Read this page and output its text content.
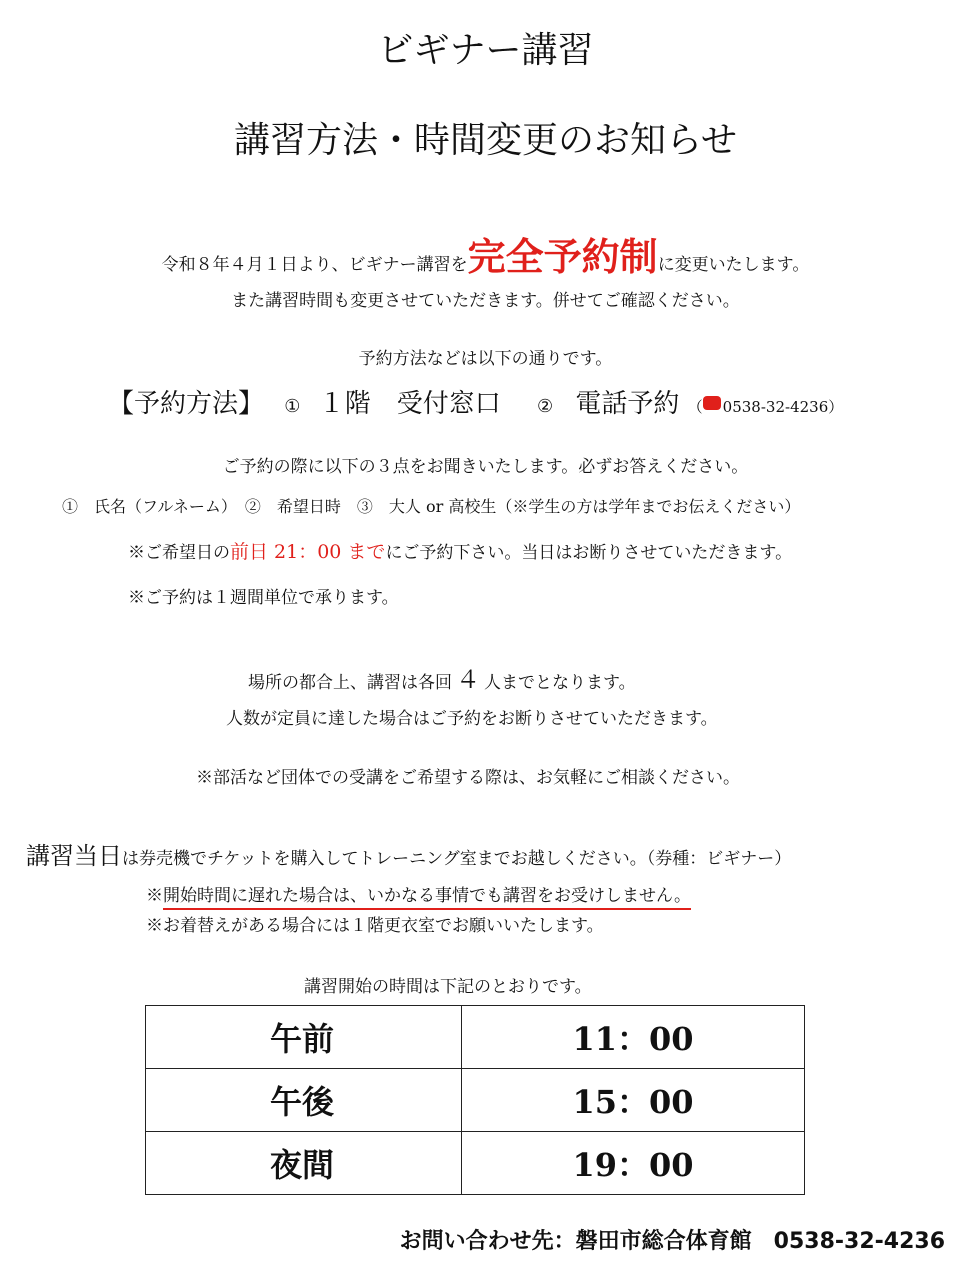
ビギナー講習
講習方法・時間変更のお知らせ
令和８年４月１日より、ビギナー講習を完全予約制に変更いたします。
また講習時間も変更させていただきます。併せてご確認ください。
予約方法などは以下の通りです。
【予約方法】 ① １階　受付窓口 ② 電話予約 （ 0538-32-4236）
ご予約の際に以下の３点をお聞きいたします。必ずお答えください。
①　氏名（フルネーム）　②　希望日時　③　大人 or 高校生（※学生の方は学年までお伝えください）
※ご希望日の前日 21：00 までにご予約下さい。当日はお断りさせていただきます。
※ご予約は１週間単位で承ります。
場所の都合上、講習は各回 ４ 人までとなります。
人数が定員に達した場合はご予約をお断りさせていただきます。
※部活など団体での受講をご希望する際は、お気軽にご相談ください。
講習当日は券売機でチケットを購入してトレーニング室までお越しください。（券種：ビギナー）
※開始時間に遅れた場合は、いかなる事情でも講習をお受けしません。
※お着替えがある場合には１階更衣室でお願いいたします。
講習開始の時間は下記のとおりです。
午前	11：00
午後	15：00
夜間	19：00
お問い合わせ先：磐田市総合体育館　0538-32-4236
